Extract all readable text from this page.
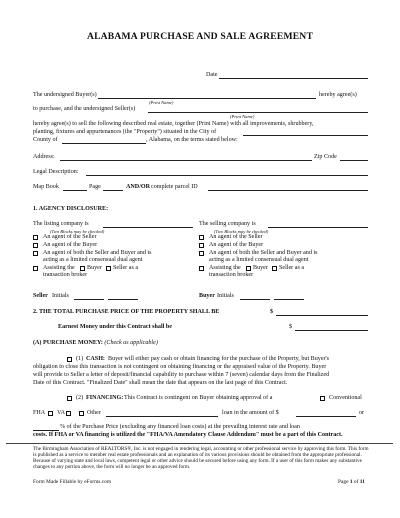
ALABAMA PURCHASE AND SALE AGREEMENT
Date
The undersigned Buyer(s)	hereby agree(s)
(Print Name)
to purchase, and the undersigned Seller(s)
(Print Name)
hereby agree(s) to sell the following described real estate, together (Print Name) with all improvements, shrubbery,
planting, fixtures and appurtenances (the "Property") situated in the City of
County of	, Alabama, on the terms stated below:
Address:	Zip Code
Legal Description:
Map Book	Page	AND/OR complete parcel ID
1. AGENCY DISCLOSURE:
The listing company is
(Two Blocks may be checked)
An agent of the Seller
An agent of the Buyer
An agent of both the Seller and Buyer and is
acting as a limited consensual dual agent
Assisting the Buyer Seller as a
transaction broker
The selling company is
(Two Blocks may be checked)
An agent of the Seller
An agent of the Buyer
An agent of both the Seller and Buyer and is
acting as a limited consensual dual agent
Assisting the Buyer Seller as a
transaction broker
Seller Initials	Buyer Initials
2. THE TOTAL PURCHASE PRICE OF THE PROPERTY SHALL BE	$
Earnest Money under this Contract shall be	$
(A) PURCHASE MONEY: (Check as applicable)
(1) CASH: Buyer will either pay cash or obtain financing for the purchase of the Property, but Buyer's
obligation to close this transaction is not contingent on obtaining financing or the appraised value of the Property. Buyer
will provide to Seller a letter of deposit/financial capability to purchase within 7 (seven) calendar days from the Finalized
Date of this Contract. "Finalized Date" shall mean the date that appears on the last page of this Contract.
(2) FINANCING: This Contract is contingent on Buyer obtaining approval of a	Conventional
FHA VA	Other	loan in the amount of $	or
% of the Purchase Price (excluding any financed loan costs) at the prevailing interest rate and loan
costs. If FHA or VA financing is utilized the "FHA/VA Amendatory Clause Addendum" must be a part of this Contract.
The Birmingham Association of REALTORS®, Inc. is not engaged in rendering legal, accounting or other professional service by approving this form. This form is published as a service to member real estate professionals and an explanation of its various provisions should be obtained from the appropriate professional. Because of varying state and local laws, competent legal or other advice should be secured before using any form. If a user of this form makes any substantive changes to any portion above, the form will no longer be an approved form.
Form Made Fillable by eForms.com	Page 1 of 11
